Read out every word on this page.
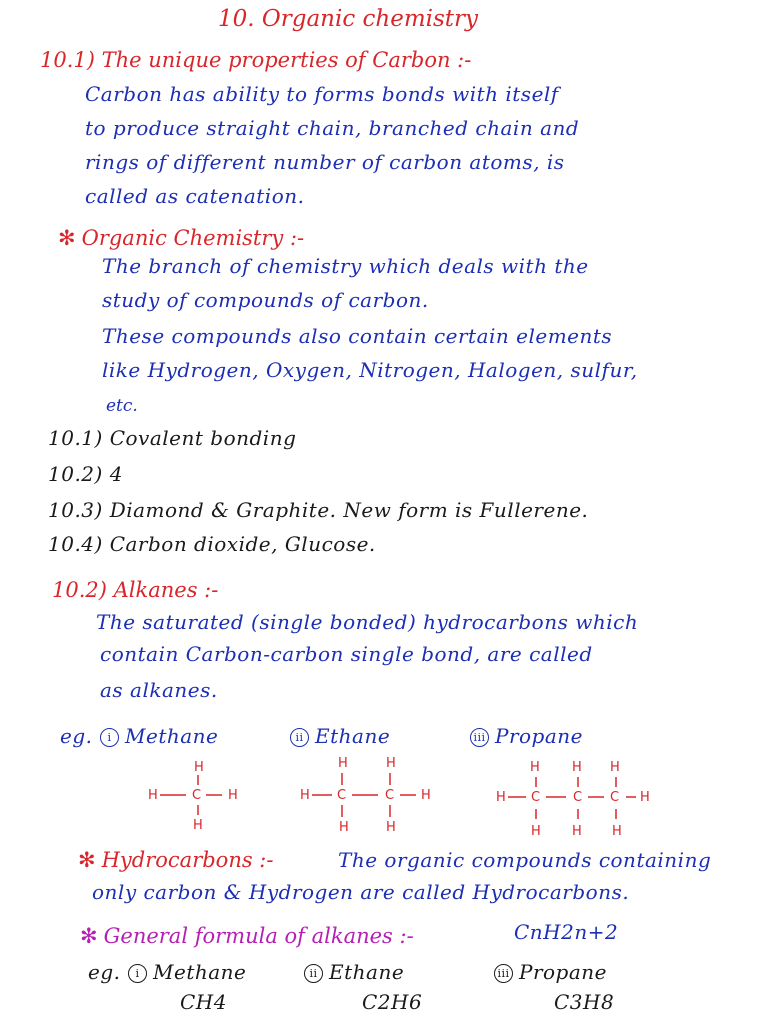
10. Organic chemistry
10.1) The unique properties of Carbon :-
Carbon has ability to forms bonds with itself
to produce straight chain, branched chain and
rings of different number of carbon atoms, is
called as catenation.
✻ Organic Chemistry :-
The branch of chemistry which deals with the
study of compounds of carbon.
These compounds also contain certain elements
like Hydrogen, Oxygen, Nitrogen, Halogen, sulfur,
etc.
10.1) Covalent bonding
10.2) 4
10.3) Diamond & Graphite. New form is Fullerene.
10.4) Carbon dioxide, Glucose.
10.2) Alkanes :-
The saturated (single bonded) hydrocarbons which
contain Carbon-carbon single bond, are called
as alkanes.
eg.	i Methane	ii Ethane	iii Propane
H
H	C H
H
H	H
H C	C H
H	H
H H H
H C	C C H
H H H
✻ Hydrocarbons :-	The organic compounds containing
only carbon & Hydrogen are called Hydrocarbons.
✻ General formula of alkanes :-	CnH2n+2
eg.	i Methane	ii Ethane	iii Propane
CH4	C2H6	C3H8
